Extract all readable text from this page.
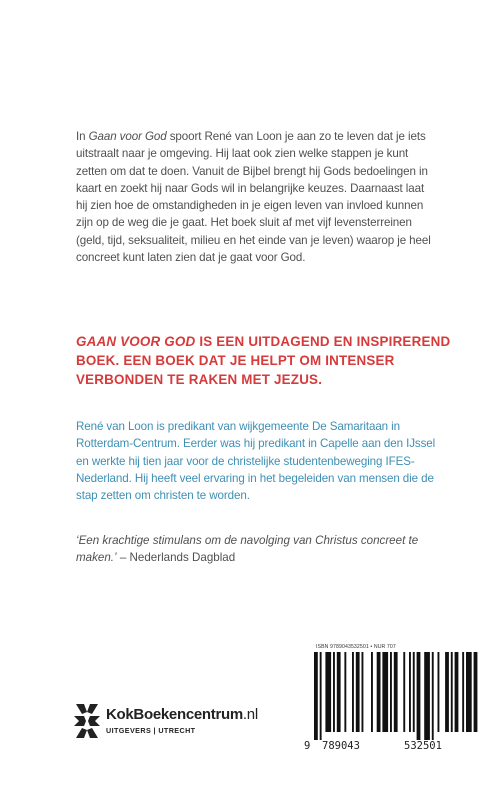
In Gaan voor God spoort René van Loon je aan zo te leven dat je iets uitstraalt naar je omgeving. Hij laat ook zien welke stappen je kunt zetten om dat te doen. Vanuit de Bijbel brengt hij Gods bedoelingen in kaart en zoekt hij naar Gods wil in belangrijke keuzes. Daarnaast laat hij zien hoe de omstandigheden in je eigen leven van invloed kunnen zijn op de weg die je gaat. Het boek sluit af met vijf levensterreinen (geld, tijd, seksualiteit, milieu en het einde van je leven) waarop je heel concreet kunt laten zien dat je gaat voor God.
GAAN VOOR GOD IS EEN UITDAGEND EN INSPIREREND BOEK. EEN BOEK DAT JE HELPT OM INTENSER VERBONDEN TE RAKEN MET JEZUS.
René van Loon is predikant van wijkgemeente De Samaritaan in Rotterdam-Centrum. Eerder was hij predikant in Capelle aan den IJssel en werkte hij tien jaar voor de christelijke studentenbeweging IFES-Nederland. Hij heeft veel ervaring in het begeleiden van mensen die de stap zetten om christen te worden.
‘Een krachtige stimulans om de navolging van Christus concreet te maken.’ – Nederlands Dagblad
ISBN 9789043532501 • NUR 707
9 789043	532501
KokBoekencentrum.nl
UITGEVERS | UTRECHT
